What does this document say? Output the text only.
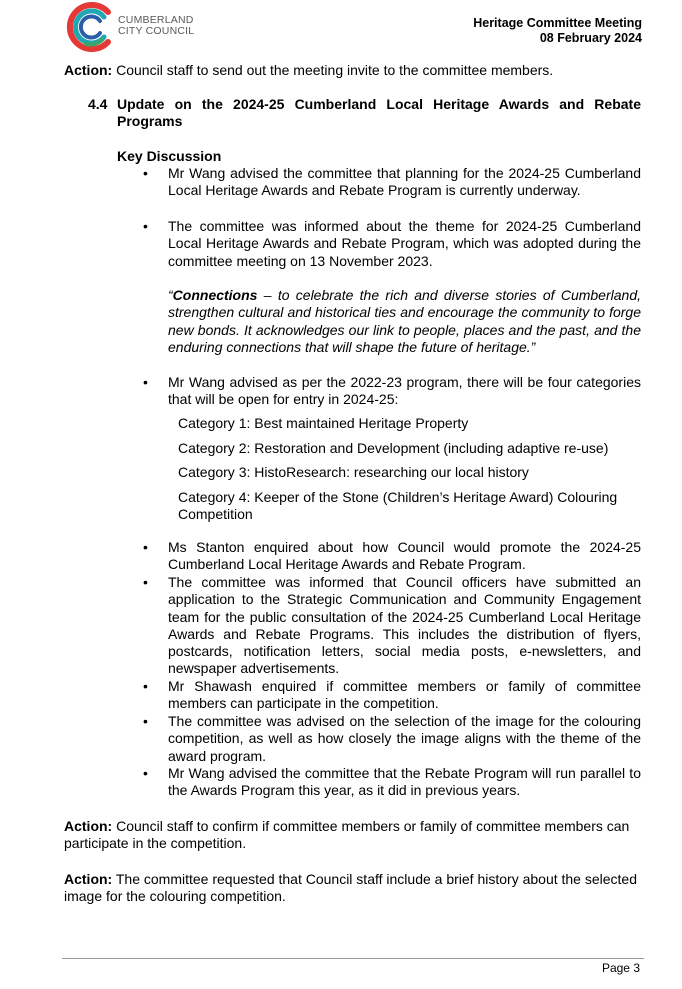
CUMBERLAND
CITY COUNCIL
Heritage Committee Meeting
08 February 2024
Action: Council staff to send out the meeting invite to the committee members.
4.4 Update on the 2024-25 Cumberland Local Heritage Awards and Rebate
Programs
Key Discussion
• Mr Wang advised the committee that planning for the 2024-25 Cumberland Local Heritage Awards and Rebate Program is currently underway.
• The committee was informed about the theme for 2024-25 Cumberland Local Heritage Awards and Rebate Program, which was adopted during the committee meeting on 13 November 2023.
“Connections – to celebrate the rich and diverse stories of Cumberland, strengthen cultural and historical ties and encourage the community to forge new bonds. It acknowledges our link to people, places and the past, and the enduring connections that will shape the future of heritage.”
• Mr Wang advised as per the 2022-23 program, there will be four categories that will be open for entry in 2024-25:
Category 1: Best maintained Heritage Property
Category 2: Restoration and Development (including adaptive re-use)
Category 3: HistoResearch: researching our local history
Category 4: Keeper of the Stone (Children’s Heritage Award) Colouring Competition
• Ms Stanton enquired about how Council would promote the 2024-25 Cumberland Local Heritage Awards and Rebate Program.
• The committee was informed that Council officers have submitted an application to the Strategic Communication and Community Engagement team for the public consultation of the 2024-25 Cumberland Local Heritage Awards and Rebate Programs. This includes the distribution of flyers, postcards, notification letters, social media posts, e-newsletters, and newspaper advertisements.
• Mr Shawash enquired if committee members or family of committee members can participate in the competition.
• The committee was advised on the selection of the image for the colouring competition, as well as how closely the image aligns with the theme of the award program.
• Mr Wang advised the committee that the Rebate Program will run parallel to the Awards Program this year, as it did in previous years.
Action: Council staff to confirm if committee members or family of committee members can participate in the competition.
Action: The committee requested that Council staff include a brief history about the selected image for the colouring competition.
Page 3
